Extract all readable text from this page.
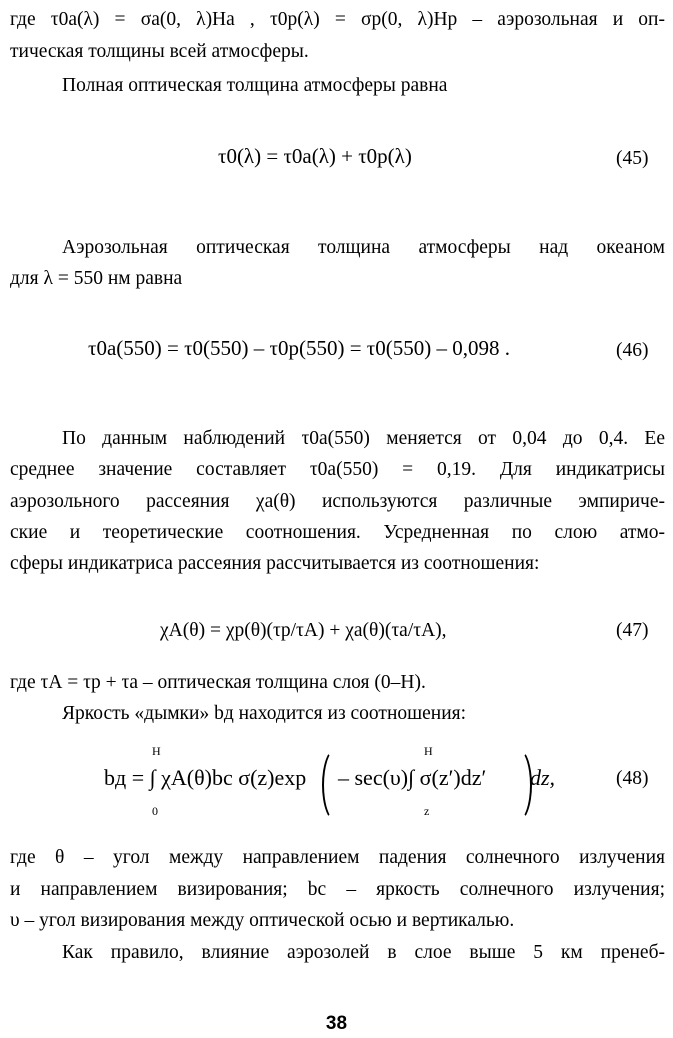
где τ0а(λ) = σа(0, λ)Hа , τ0р(λ) = σр(0, λ)Hр – аэрозольная и оп-
тическая толщины всей атмосферы.
Полная оптическая толщина атмосферы равна
τ0(λ) = τ0а(λ) + τ0р(λ)	(45)
Аэрозольная оптическая толщина атмосферы над океаном
для λ = 550 нм равна
τ0а(550) = τ0(550) – τ0р(550) = τ0(550) – 0,098 .	(46)
По данным наблюдений τ0а(550) меняется от 0,04 до 0,4. Ее
среднее значение составляет τ0а(550) = 0,19. Для индикатрисы
аэрозольного рассеяния χа(θ) используются различные эмпириче-
ские и теоретические соотношения. Усредненная по слою атмо-
сферы индикатриса рассеяния рассчитывается из соотношения:
χА(θ) = χр(θ)(τр/τА) + χа(θ)(τа/τА),	(47)
где τА = τр + τа – оптическая толщина слоя (0–H).
Яркость «дымки» bд находится из соотношения:
H
0
bд = ∫ χА(θ)bс σ(z)exp
H
z
– sec(υ)∫ σ(z′)dz′ dz,	(48)
где θ – угол между направлением падения солнечного излучения
и направлением визирования; bс – яркость солнечного излучения;
υ – угол визирования между оптической осью и вертикалью.
Как правило, влияние аэрозолей в слое выше 5 км пренеб-
38
